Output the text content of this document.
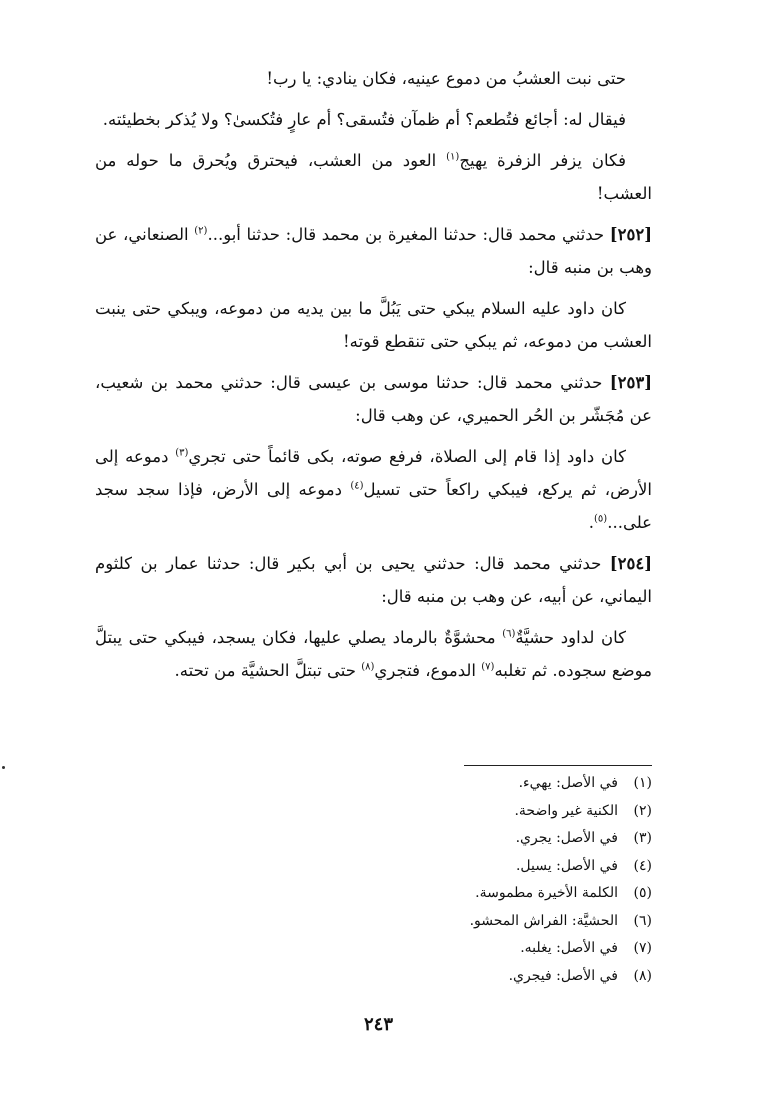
حتى نبت العشبُ من دموع عينيه، فكان ينادي: يا رب!

فيقال له: أجائع فتُطعم؟ أم ظمآن فتُسقى؟ أم عارٍ فتُكسىٰ؟ ولا يُذكر بخطيئته.

فكان يزفر الزفرة يهيج$^{(١)}$ العود من العشب، فيحترق ويُحرق ما حوله من العشب!

[٢٥٢] حدثني محمد قال: حدثنا المغيرة بن محمد قال: حدثنا أبو...$^{(٢)}$ الصنعاني، عن وهب بن منبه قال:

كان داود عليه السلام يبكي حتى يَبُلَّ ما بين يديه من دموعه، ويبكي حتى ينبت العشب من دموعه، ثم يبكي حتى تنقطع قوته!

[٢٥٣] حدثني محمد قال: حدثنا موسى بن عيسى قال: حدثني محمد بن شعيب، عن مُجَشّر بن الحُر الحميري، عن وهب قال:

كان داود إذا قام إلى الصلاة، فرفع صوته، بكى قائماً حتى تجري$^{(٣)}$ دموعه إلى الأرض، ثم يركع، فيبكي راكعاً حتى تسيل$^{(٤)}$ دموعه إلى الأرض، فإذا سجد سجد على...$^{(٥)}$.

[٢٥٤] حدثني محمد قال: حدثني يحيى بن أبي بكير قال: حدثنا عمار بن كلثوم اليماني، عن أبيه، عن وهب بن منبه قال:

كان لداود حشيَّةٌ$^{(٦)}$ محشوَّةٌ بالرماد يصلي عليها، فكان يسجد، فيبكي حتى يبتلَّ موضع سجوده. ثم تغلبه$^{(٧)}$ الدموع، فتجري$^{(٨)}$ حتى تبتلَّ الحشيَّة من تحته.

(١)في الأصل: يهيء.
(٢)الكنية غير واضحة.
(٣)في الأصل: يجري.
(٤)في الأصل: يسيل.
(٥)الكلمة الأخيرة مطموسة.
(٦)الحشيَّة: الفراش المحشو.
(٧)في الأصل: يغلبه.
(٨)في الأصل: فيجري.
٢٤٣
